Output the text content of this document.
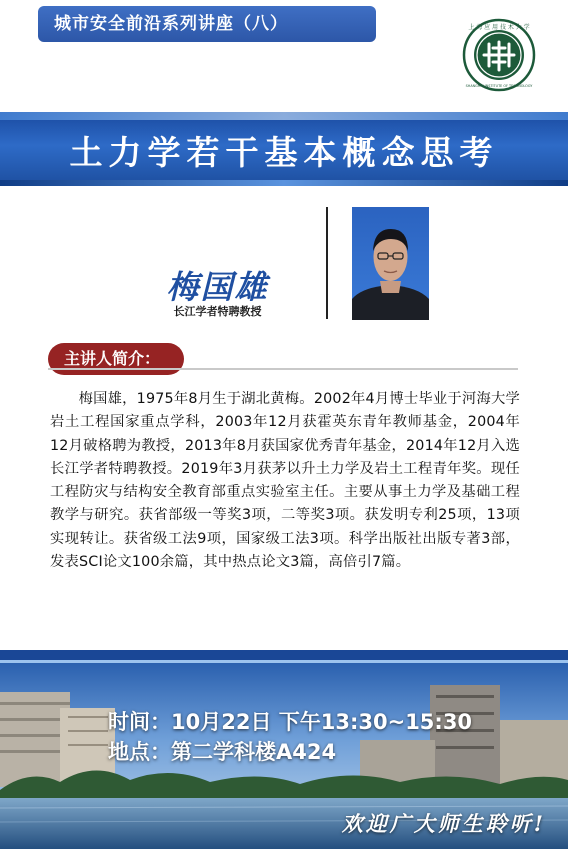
城市安全前沿系列讲座（八）	上 海 应 用 技 术 大 学
SHANGHAI INSTITUTE OF TECHNOLOGY
土力学若干基本概念思考
梅国雄
长江学者特聘教授
主讲人简介：

梅国雄，1975年8月生于湖北黄梅。2002年4月博士毕业于河海大学岩土工程国家重点学科，2003年12月获霍英东青年教师基金，2004年12月破格聘为教授，2013年8月获国家优秀青年基金，2014年12月入选长江学者特聘教授。2019年3月获茅以升土力学及岩土工程青年奖。现任工程防灾与结构安全教育部重点实验室主任。主要从事土力学及基础工程教学与研究。获省部级一等奖3项，二等奖3项。获发明专利25项，13项实现转让。获省级工法9项，国家级工法3项。科学出版社出版专著3部，发表SCI论文100余篇，其中热点论文3篇，高倍引7篇。

时间：10月22日 下午13:30~15:30
地点：第二学科楼A424
欢迎广大师生聆听!
